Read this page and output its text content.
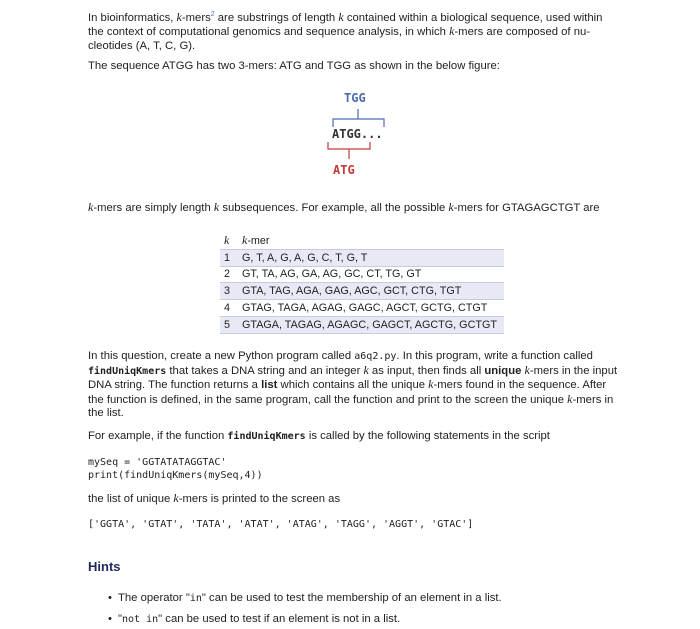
In bioinformatics, k-mers$^2$ are substrings of length k contained within a biological sequence, used within
the context of computational genomics and sequence analysis, in which k-mers are composed of nu-
cleotides (A, T, C, G).
The sequence ATGG has two 3-mers: ATG and TGG as shown in the below figure:
TGG
ATGG...
ATG
k-mers are simply length k subsequences. For example, all the possible k-mers for GTAGAGCTGT are
k	k-mer
1	G, T, A, G, A, G, C, T, G, T
2	GT, TA, AG, GA, AG, GC, CT, TG, GT
3	GTA, TAG, AGA, GAG, AGC, GCT, CTG, TGT
4	GTAG, TAGA, AGAG, GAGC, AGCT, GCTG, CTGT
5	GTAGA, TAGAG, AGAGC, GAGCT, AGCTG, GCTGT
In this question, create a new Python program called a6q2.py. In this program, write a function called
findUniqKmers that takes a DNA string and an integer k as input, then finds all unique k-mers in the input
DNA string. The function returns a list which contains all the unique k-mers found in the sequence. After
the function is defined, in the same program, call the function and print to the screen the unique k-mers in
the list.
For example, if the function findUniqKmers is called by the following statements in the script
mySeq = 'GGTATATAGGTAC'
print(findUniqKmers(mySeq,4))
the list of unique k-mers is printed to the screen as
['GGTA', 'GTAT', 'TATA', 'ATAT', 'ATAG', 'TAGG', 'AGGT', 'GTAC']
Hints
• The operator "in" can be used to test the membership of an element in a list.
• "not in" can be used to test if an element is not in a list.
